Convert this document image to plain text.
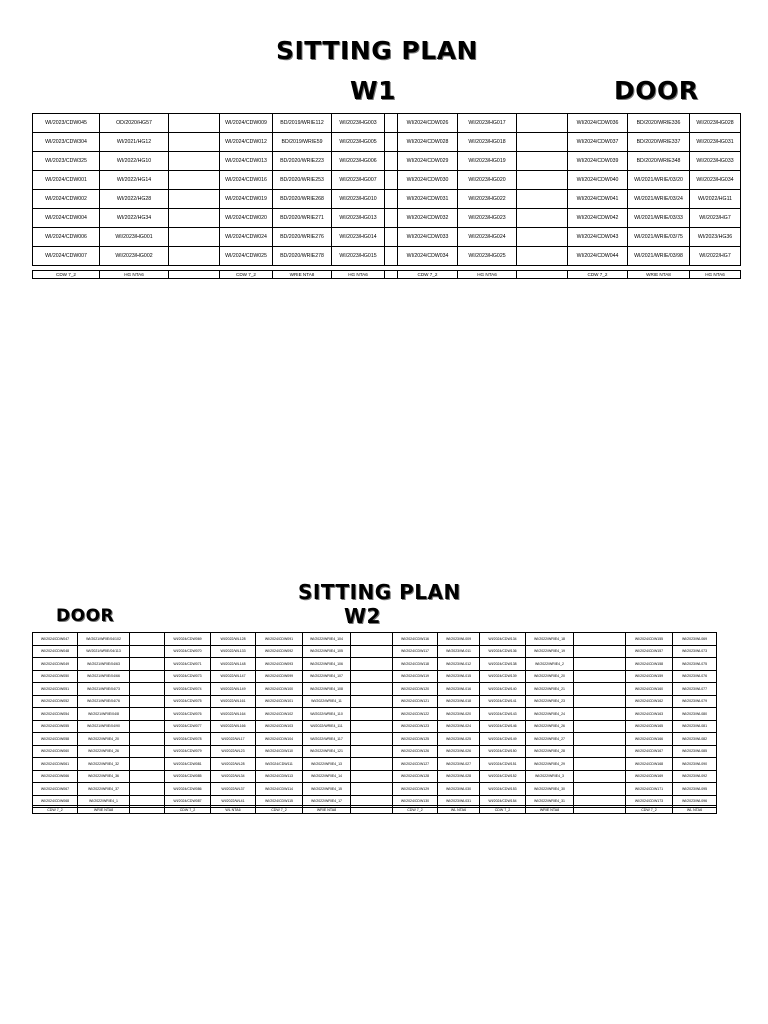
SITTING PLAN
W1	DOOR
WI/2023/CDW045	OD/2020/HG57		WI/2024/CDW009	BD/2019/WRIE112	WI/2023/HG003		WI/2024/CDW026	WI/2023/HG017		WI/2024/CDW036	BD/2020/WRIE336	WI/2023/HG028
WI/2023/CDW304	WI/2021/HG12		WI/2024/CDW012	BD/2019/WRIE59	WI/2023/HG005		WI/2024/CDW028	WI/2023/HG018		WI/2024/CDW037	BD/2020/WRIE337	WI/2023/HG031
WI/2023/CDW325	WI/2022/HG10		WI/2024/CDW013	BD/2020/WRIE223	WI/2023/HG006		WI/2024/CDW029	WI/2023/HG019		WI/2024/CDW039	BD/2020/WRIE348	WI/2023/HG033
WI/2024/CDW001	WI/2022/HG14		WI/2024/CDW016	BD/2020/WRIE253	WI/2023/HG007		WI/2024/CDW030	WI/2023/HG020		WI/2024/CDW040	WI/2021/WRIE/03/20	WI/2023/HG034
WI/2024/CDW002	WI/2022/HG28		WI/2024/CDW019	BD/2020/WRIE268	WI/2023/HG010		WI/2024/CDW031	WI/2023/HG022		WI/2024/CDW041	WI/2021/WRIE/03/24	WI/2022/HG11
WI/2024/CDW004	WI/2022/HG34		WI/2024/CDW020	BD/2020/WRIE271	WI/2023/HG013		WI/2024/CDW032	WI/2023/HG023		WI/2024/CDW042	WI/2021/WRIE/03/33	WI/2023/HG7
WI/2024/CDW006	WI/2023/HG001		WI/2024/CDW024	BD/2020/WRIE276	WI/2023/HG014		WI/2024/CDW033	WI/2023/HG024		WI/2024/CDW043	WI/2021/WRIE/03/75	WI/2023/HG36
WI/2024/CDW007	WI/2023/HG002		WI/2024/CDW025	BD/2020/WRIE278	WI/2023/HG015		WI/2024/CDW034	WI/2023/HG025		WI/2024/CDW044	WI/2021/WRIE/03/98	WI/2022/HG7
CDW 7_2	HG NTA6		CDW 7_2	WRIE NTA8	HG NTA6		CDW 7_2	HG NTA6		CDW 7_2	WRIE NTA8	HG NTA6
SITTING PLAN
W2
DOOR
WI/2024/CDW047	WI/2021/WRIE/04/102		WI/2024/CDW069	WI/2022/WL128	WI/2024/CDW091	WI/2022/WRIE4_104		WI/2024/CDW116	WI/2023/WL009	WI/2024/CDW134	WI/2022/WRIE4_18		WI/2024/CDW155	WI/2023/WL069
WI/2024/CDW048	WI/2021/WRIE/04/113		WI/2024/CDW070	WI/2022/WL133	WI/2024/CDW092	WI/2022/WRIE4_105		WI/2024/CDW117	WI/2023/WL011	WI/2024/CDW136	WI/2022/WRIE4_19		WI/2024/CDW157	WI/2023/WL073
WI/2024/CDW049	WI/2021/WRIE/04/63		WI/2024/CDW071	WI/2022/WL148	WI/2024/CDW093	WI/2022/WRIE4_106		WI/2024/CDW118	WI/2023/WL012	WI/2024/CDW138	WI/2022/WRIE4_2		WI/2024/CDW158	WI/2023/WL075
WI/2024/CDW050	WI/2021/WRIE/04/66		WI/2024/CDW073	WI/2022/WL147	WI/2024/CDW099	WI/2022/WRIE4_107		WI/2024/CDW119	WI/2023/WL015	WI/2024/CDW139	WI/2022/WRIE4_20		WI/2024/CDW159	WI/2023/WL076
WI/2024/CDW051	WI/2021/WRIE/04/73		WI/2024/CDW074	WI/2022/WL149	WI/2024/CDW100	WI/2022/WRIE4_108		WI/2024/CDW120	WI/2023/WL016	WI/2024/CDW140	WI/2022/WRIE4_21		WI/2024/CDW160	WI/2023/WL077
WI/2024/CDW052	WI/2021/WRIE/04/76		WI/2024/CDW075	WI/2022/WL161	WI/2024/CDW101	WI/2022/WRIE4_11		WI/2024/CDW121	WI/2023/WL018	WI/2024/CDW141	WI/2022/WRIE4_23		WI/2024/CDW162	WI/2023/WL079
WI/2024/CDW054	WI/2021/WRIE/04/8		WI/2024/CDW076	WI/2022/WL164	WI/2024/CDW102	WI/2022/WRIE4_110		WI/2024/CDW122	WI/2023/WL020	WI/2024/CDW143	WI/2022/WRIE4_24		WI/2024/CDW163	WI/2023/WL080
WI/2024/CDW055	WI/2021/WRIE/04/90		WI/2024/CDW077	WI/2022/WL166	WI/2024/CDW103	WI/2022/WRIE4_111		WI/2024/CDW123	WI/2023/WL024	WI/2024/CDW146	WI/2022/WRIE4_26		WI/2024/CDW165	WI/2023/WL081
WI/2024/CDW058	WI/2022/WRIE4_20		WI/2024/CDW078	WI/2022/WL17	WI/2024/CDW104	WI/2022/WRIE4_117		WI/2024/CDW125	WI/2023/WL025	WI/2024/CDW149	WI/2022/WRIE4_27		WI/2024/CDW166	WI/2023/WL082
WI/2024/CDW060	WI/2022/WRIE4_26		WI/2024/CDW079	WI/2022/WL23	WI/2024/CDW110	WI/2022/WRIE4_121		WI/2024/CDW126	WI/2023/WL026	WI/2024/CDW150	WI/2022/WRIE4_28		WI/2024/CDW167	WI/2023/WL085
WI/2024/CDW061	WI/2022/WRIE4_32		WI/2024/CDW081	WI/2022/WL28	WI/2024/CDW111	WI/2022/WRIE4_13		WI/2024/CDW127	WI/2023/WL027	WI/2024/CDW151	WI/2022/WRIE4_29		WI/2024/CDW168	WI/2023/WL090
WI/2024/CDW066	WI/2022/WRIE4_36		WI/2024/CDW085	WI/2022/WL34	WI/2024/CDW113	WI/2022/WRIE4_14		WI/2024/CDW128	WI/2023/WL028	WI/2024/CDW152	WI/2022/WRIE4_3		WI/2024/CDW169	WI/2023/WL092
WI/2024/CDW067	WI/2022/WRIE4_37		WI/2024/CDW086	WI/2022/WL37	WI/2024/CDW114	WI/2022/WRIE4_15		WI/2024/CDW129	WI/2023/WL030	WI/2024/CDW153	WI/2022/WRIE4_30		WI/2024/CDW171	WI/2023/WL095
WI/2024/CDW068	WI/2022/WRIE4_1		WI/2024/CDW087	WI/2022/WL41	WI/2024/CDW115	WI/2022/WRIE4_17		WI/2024/CDW130	WI/2023/WL031	WI/2024/CDW154	WI/2022/WRIE4_31		WI/2024/CDW173	WI/2023/WL096
CDW 7_2	WRIE NTA8		CDW 7_2	WL NTA6	CDW 7_2	WRIE NTA8		CDW 7_2	WL NTA6	CDW 7_2	WRIE NTA8		CDW 7_2	WL NTA6
